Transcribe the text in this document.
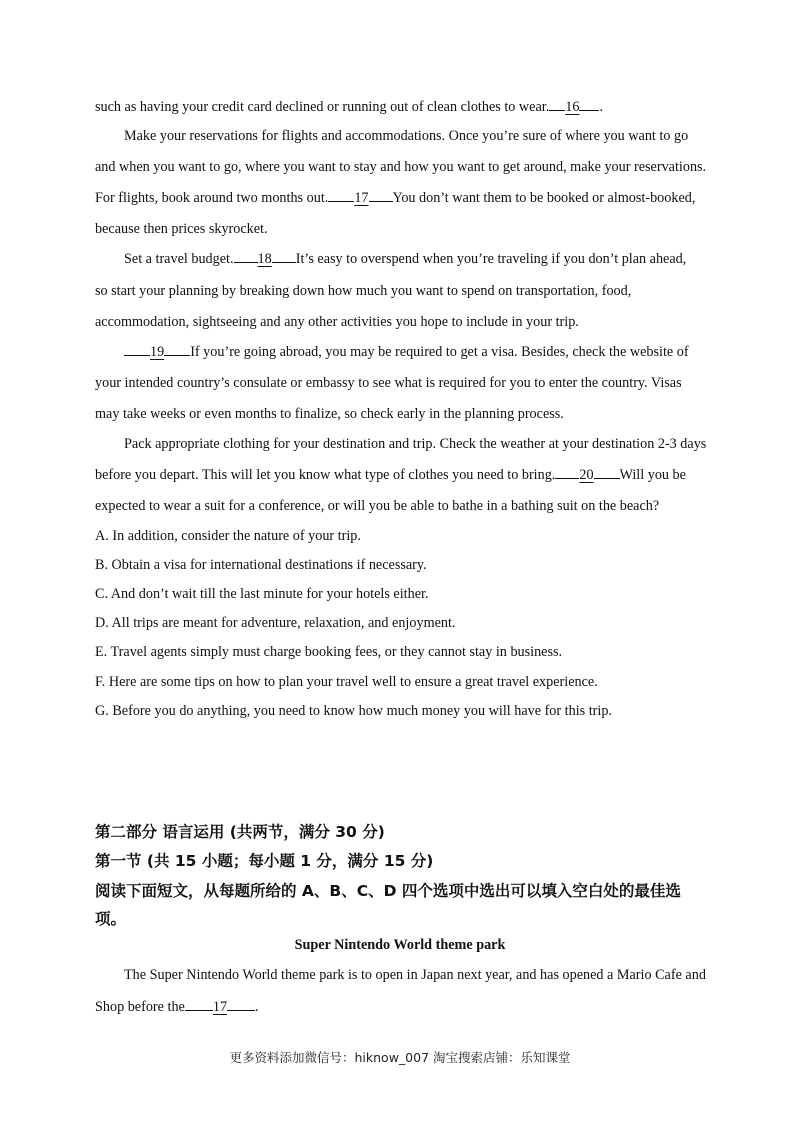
such as having your credit card declined or running out of clean clothes to wear. 16 .
Make your reservations for flights and accommodations. Once you’re sure of where you want to go
and when you want to go, where you want to stay and how you want to get around, make your reservations.
For flights, book around two months out. 17 You don’t want them to be booked or almost-booked,
because then prices skyrocket.
Set a travel budget. 18 It’s easy to overspend when you’re traveling if you don’t plan ahead,
so start your planning by breaking down how much you want to spend on transportation, food,
accommodation, sightseeing and any other activities you hope to include in your trip.
19 If you’re going abroad, you may be required to get a visa. Besides, check the website of
your intended country’s consulate or embassy to see what is required for you to enter the country. Visas
may take weeks or even months to finalize, so check early in the planning process.
Pack appropriate clothing for your destination and trip. Check the weather at your destination 2-3 days
before you depart. This will let you know what type of clothes you need to bring. 20 Will you be
expected to wear a suit for a conference, or will you be able to bathe in a bathing suit on the beach?
A. In addition, consider the nature of your trip.
B. Obtain a visa for international destinations if necessary.
C. And don’t wait till the last minute for your hotels either.
D. All trips are meant for adventure, relaxation, and enjoyment.
E. Travel agents simply must charge booking fees, or they cannot stay in business.
F. Here are some tips on how to plan your travel well to ensure a great travel experience.
G. Before you do anything, you need to know how much money you will have for this trip.
第二部分 语言运用 (共两节，满分 30 分)
第一节 (共 15 小题；每小题 1 分，满分 15 分)
阅读下面短文，从每题所给的 A、B、C、D 四个选项中选出可以填入空白处的最佳选
项。
Super Nintendo World theme park
The Super Nintendo World theme park is to open in Japan next year, and has opened a Mario Cafe and
Shop before the 17 .
更多资料添加微信号：hiknow_007 淘宝搜索店铺：乐知课堂
